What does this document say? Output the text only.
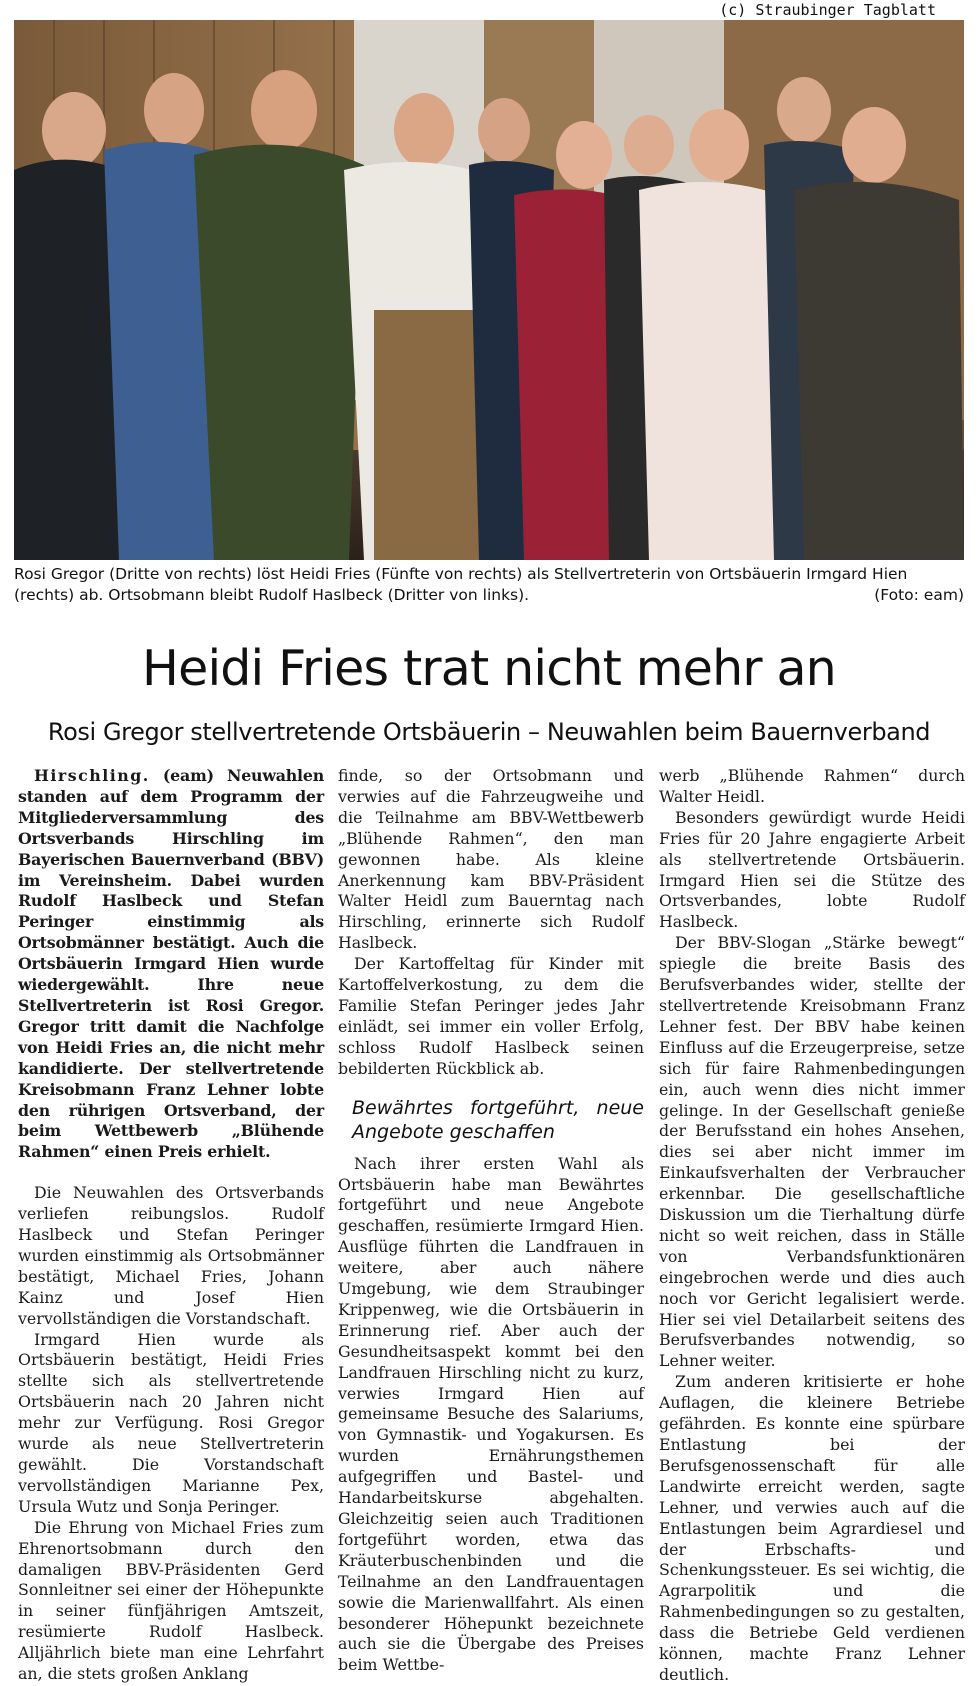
(c) Straubinger Tagblatt
Rosi Gregor (Dritte von rechts) löst Heidi Fries (Fünfte von rechts) als Stellvertreterin von Ortsbäuerin Irmgard Hien (rechts) ab. Ortsobmann bleibt Rudolf Haslbeck (Dritter von links).	(Foto: eam)
Heidi Fries trat nicht mehr an
Rosi Gregor stellvertretende Ortsbäuerin – Neuwahlen beim Bauernverband

Hirschling. (eam) Neuwahlen standen auf dem Programm der Mitgliederversammlung des Ortsverbands Hirschling im Bayerischen Bauernverband (BBV) im Vereinsheim. Dabei wurden Rudolf Haslbeck und Stefan Peringer einstimmig als Ortsobmänner bestätigt. Auch die Ortsbäuerin Irmgard Hien wurde wiedergewählt. Ihre neue Stellvertreterin ist Rosi Gregor. Gregor tritt damit die Nachfolge von Heidi Fries an, die nicht mehr kandidierte. Der stellvertretende Kreisobmann Franz Lehner lobte den rührigen Ortsverband, der beim Wettbewerb „Blühende Rahmen“ einen Preis erhielt.

Die Neuwahlen des Ortsverbands verliefen reibungslos. Rudolf Haslbeck und Stefan Peringer wurden einstimmig als Ortsobmänner bestätigt, Michael Fries, Johann Kainz und Josef Hien vervollständigen die Vorstandschaft.

Irmgard Hien wurde als Ortsbäuerin bestätigt, Heidi Fries stellte sich als stellvertretende Ortsbäuerin nach 20 Jahren nicht mehr zur Verfügung. Rosi Gregor wurde als neue Stellvertreterin gewählt. Die Vorstandschaft vervollständigen Marianne Pex, Ursula Wutz und Sonja Peringer.

Die Ehrung von Michael Fries zum Ehrenortsobmann durch den damaligen BBV-Präsidenten Gerd Sonnleitner sei einer der Höhepunkte in seiner fünfjährigen Amtszeit, resümierte Rudolf Haslbeck. Alljährlich biete man eine Lehrfahrt an, die stets großen Anklang

finde, so der Ortsobmann und verwies auf die Fahrzeugweihe und die Teilnahme am BBV-Wettbewerb „Blühende Rahmen“, den man gewonnen habe. Als kleine Anerkennung kam BBV-Präsident Walter Heidl zum Bauerntag nach Hirschling, erinnerte sich Rudolf Haslbeck.

Der Kartoffeltag für Kinder mit Kartoffelverkostung, zu dem die Familie Stefan Peringer jedes Jahr einlädt, sei immer ein voller Erfolg, schloss Rudolf Haslbeck seinen bebilderten Rückblick ab.

Bewährtes fortgeführt, neue Angebote geschaffen

Nach ihrer ersten Wahl als Ortsbäuerin habe man Bewährtes fortgeführt und neue Angebote geschaffen, resümierte Irmgard Hien. Ausflüge führten die Landfrauen in weitere, aber auch nähere Umgebung, wie dem Straubinger Krippenweg, wie die Ortsbäuerin in Erinnerung rief. Aber auch der Gesundheitsaspekt kommt bei den Landfrauen Hirschling nicht zu kurz, verwies Irmgard Hien auf gemeinsame Besuche des Salariums, von Gymnastik- und Yogakursen. Es wurden Ernährungsthemen aufgegriffen und Bastel- und Handarbeitskurse abgehalten. Gleichzeitig seien auch Traditionen fortgeführt worden, etwa das Kräuterbuschenbinden und die Teilnahme an den Landfrauentagen sowie die Marienwallfahrt. Als einen besonderer Höhepunkt bezeichnete auch sie die Übergabe des Preises beim Wettbe-

werb „Blühende Rahmen“ durch Walter Heidl.

Besonders gewürdigt wurde Heidi Fries für 20 Jahre engagierte Arbeit als stellvertretende Ortsbäuerin. Irmgard Hien sei die Stütze des Ortsverbandes, lobte Rudolf Haslbeck.

Der BBV-Slogan „Stärke bewegt“ spiegle die breite Basis des Berufsverbandes wider, stellte der stellvertretende Kreisobmann Franz Lehner fest. Der BBV habe keinen Einfluss auf die Erzeugerpreise, setze sich für faire Rahmenbedingungen ein, auch wenn dies nicht immer gelinge. In der Gesellschaft genieße der Berufsstand ein hohes Ansehen, dies sei aber nicht immer im Einkaufsverhalten der Verbraucher erkennbar. Die gesellschaftliche Diskussion um die Tierhaltung dürfe nicht so weit reichen, dass in Ställe von Verbandsfunktionären eingebrochen werde und dies auch noch vor Gericht legalisiert werde. Hier sei viel Detailarbeit seitens des Berufsverbandes notwendig, so Lehner weiter.

Zum anderen kritisierte er hohe Auflagen, die kleinere Betriebe gefährden. Es konnte eine spürbare Entlastung bei der Berufsgenossenschaft für alle Landwirte erreicht werden, sagte Lehner, und verwies auch auf die Entlastungen beim Agrardiesel und der Erbschafts- und Schenkungssteuer. Es sei wichtig, die Agrarpolitik und die Rahmenbedingungen so zu gestalten, dass die Betriebe Geld verdienen können, machte Franz Lehner deutlich.
